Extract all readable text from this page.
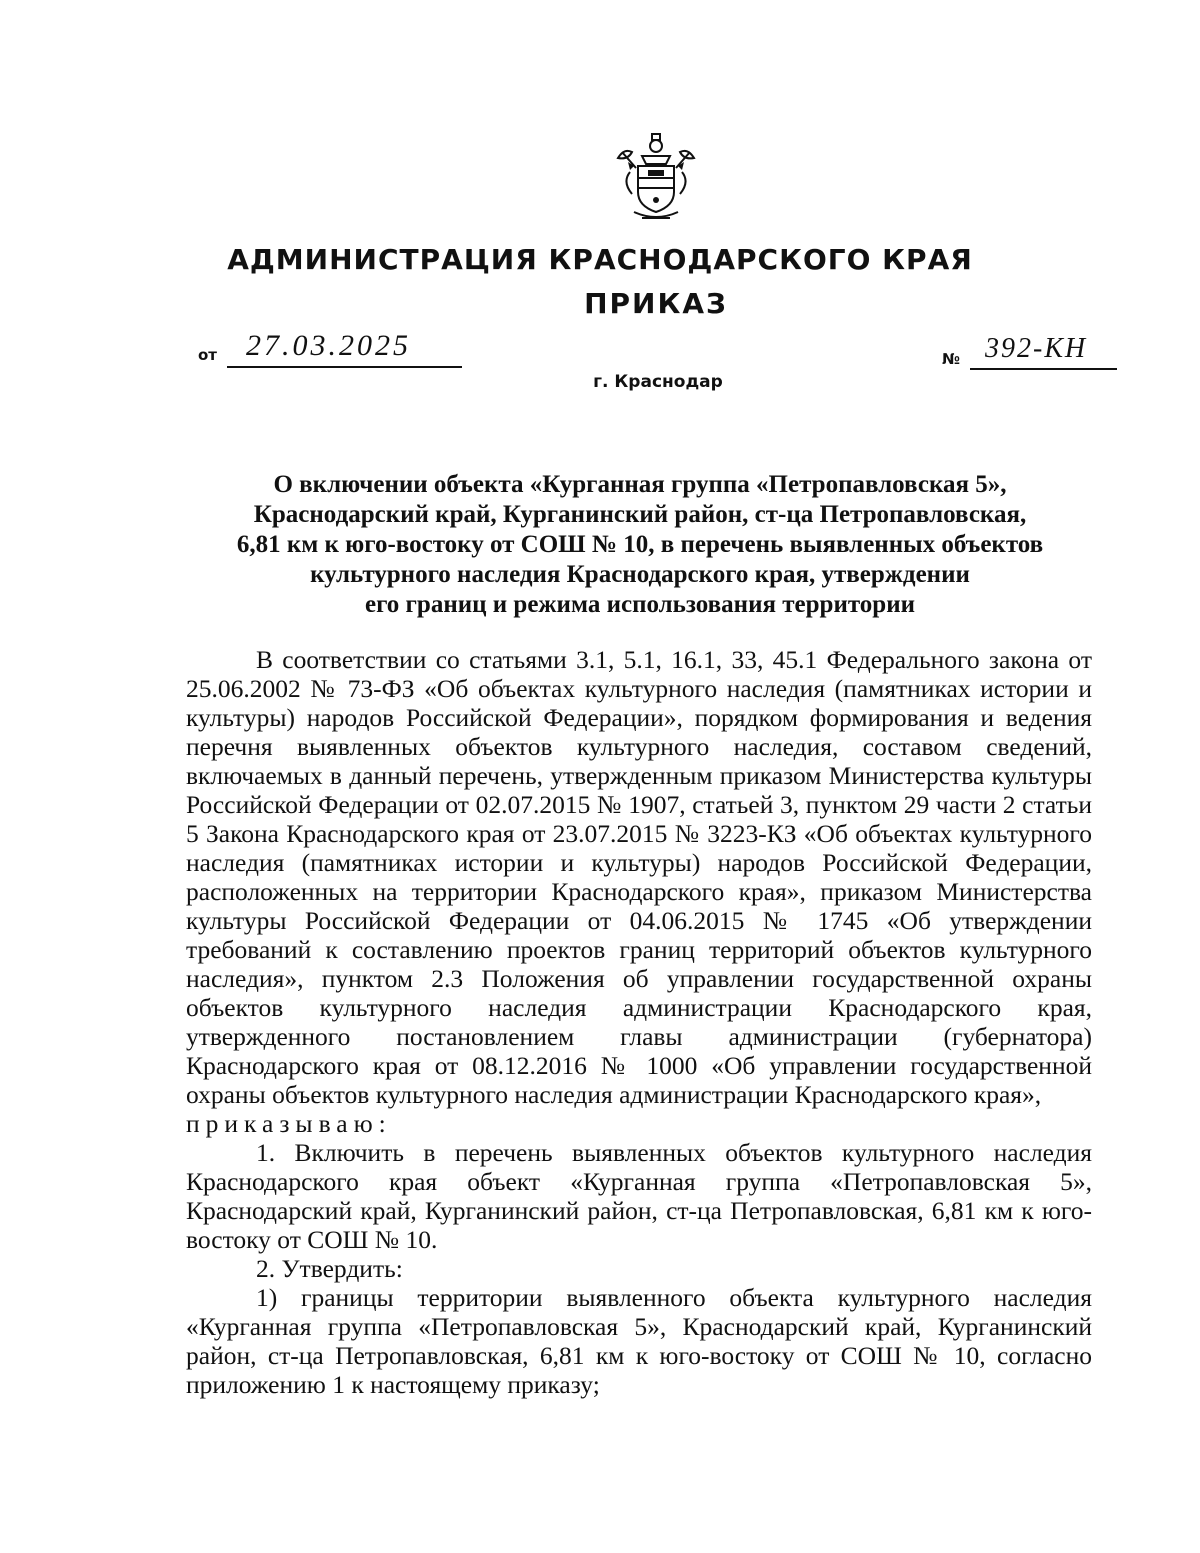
АДМИНИСТРАЦИЯ КРАСНОДАРСКОГО КРАЯ
ПРИКАЗ
от 27.03.2025	№ 392-КН
г. Краснодар
О включении объекта «Курганная группа «Петропавловская 5»,
Краснодарский край, Курганинский район, ст-ца Петропавловская,
6,81 км к юго-востоку от СОШ № 10, в перечень выявленных объектов
культурного наследия Краснодарского края, утверждении
его границ и режима использования территории

В соответствии со статьями 3.1, 5.1, 16.1, 33, 45.1 Федерального закона от 25.06.2002 № 73-ФЗ «Об объектах культурного наследия (памятниках истории и культуры) народов Российской Федерации», порядком формирования и ведения перечня выявленных объектов культурного наследия, составом сведений, включаемых в данный перечень, утвержденным приказом Министерства культуры Российской Федерации от 02.07.2015 № 1907, статьей 3, пунктом 29 части 2 статьи 5 Закона Краснодарского края от 23.07.2015 № 3223-КЗ «Об объектах культурного наследия (памятниках истории и культуры) народов Российской Федерации, расположенных на территории Краснодарского края», приказом Министерства культуры Российской Федерации от 04.06.2015 № 1745 «Об утверждении требований к составлению проектов границ территорий объектов культурного наследия», пунктом 2.3 Положения об управлении государственной охраны объектов культурного наследия администрации Краснодарского края, утвержденного постановлением главы администрации (губернатора) Краснодарского края от 08.12.2016 № 1000 «Об управлении государственной охраны объектов культурного наследия администрации Краснодарского края»,

приказываю:

1. Включить в перечень выявленных объектов культурного наследия Краснодарского края объект «Курганная группа «Петропавловская 5», Краснодарский край, Курганинский район, ст-ца Петропавловская, 6,81 км к юго-востоку от СОШ № 10.

2. Утвердить:

1) границы территории выявленного объекта культурного наследия «Курганная группа «Петропавловская 5», Краснодарский край, Курганинский район, ст-ца Петропавловская, 6,81 км к юго-востоку от СОШ № 10, согласно приложению 1 к настоящему приказу;
